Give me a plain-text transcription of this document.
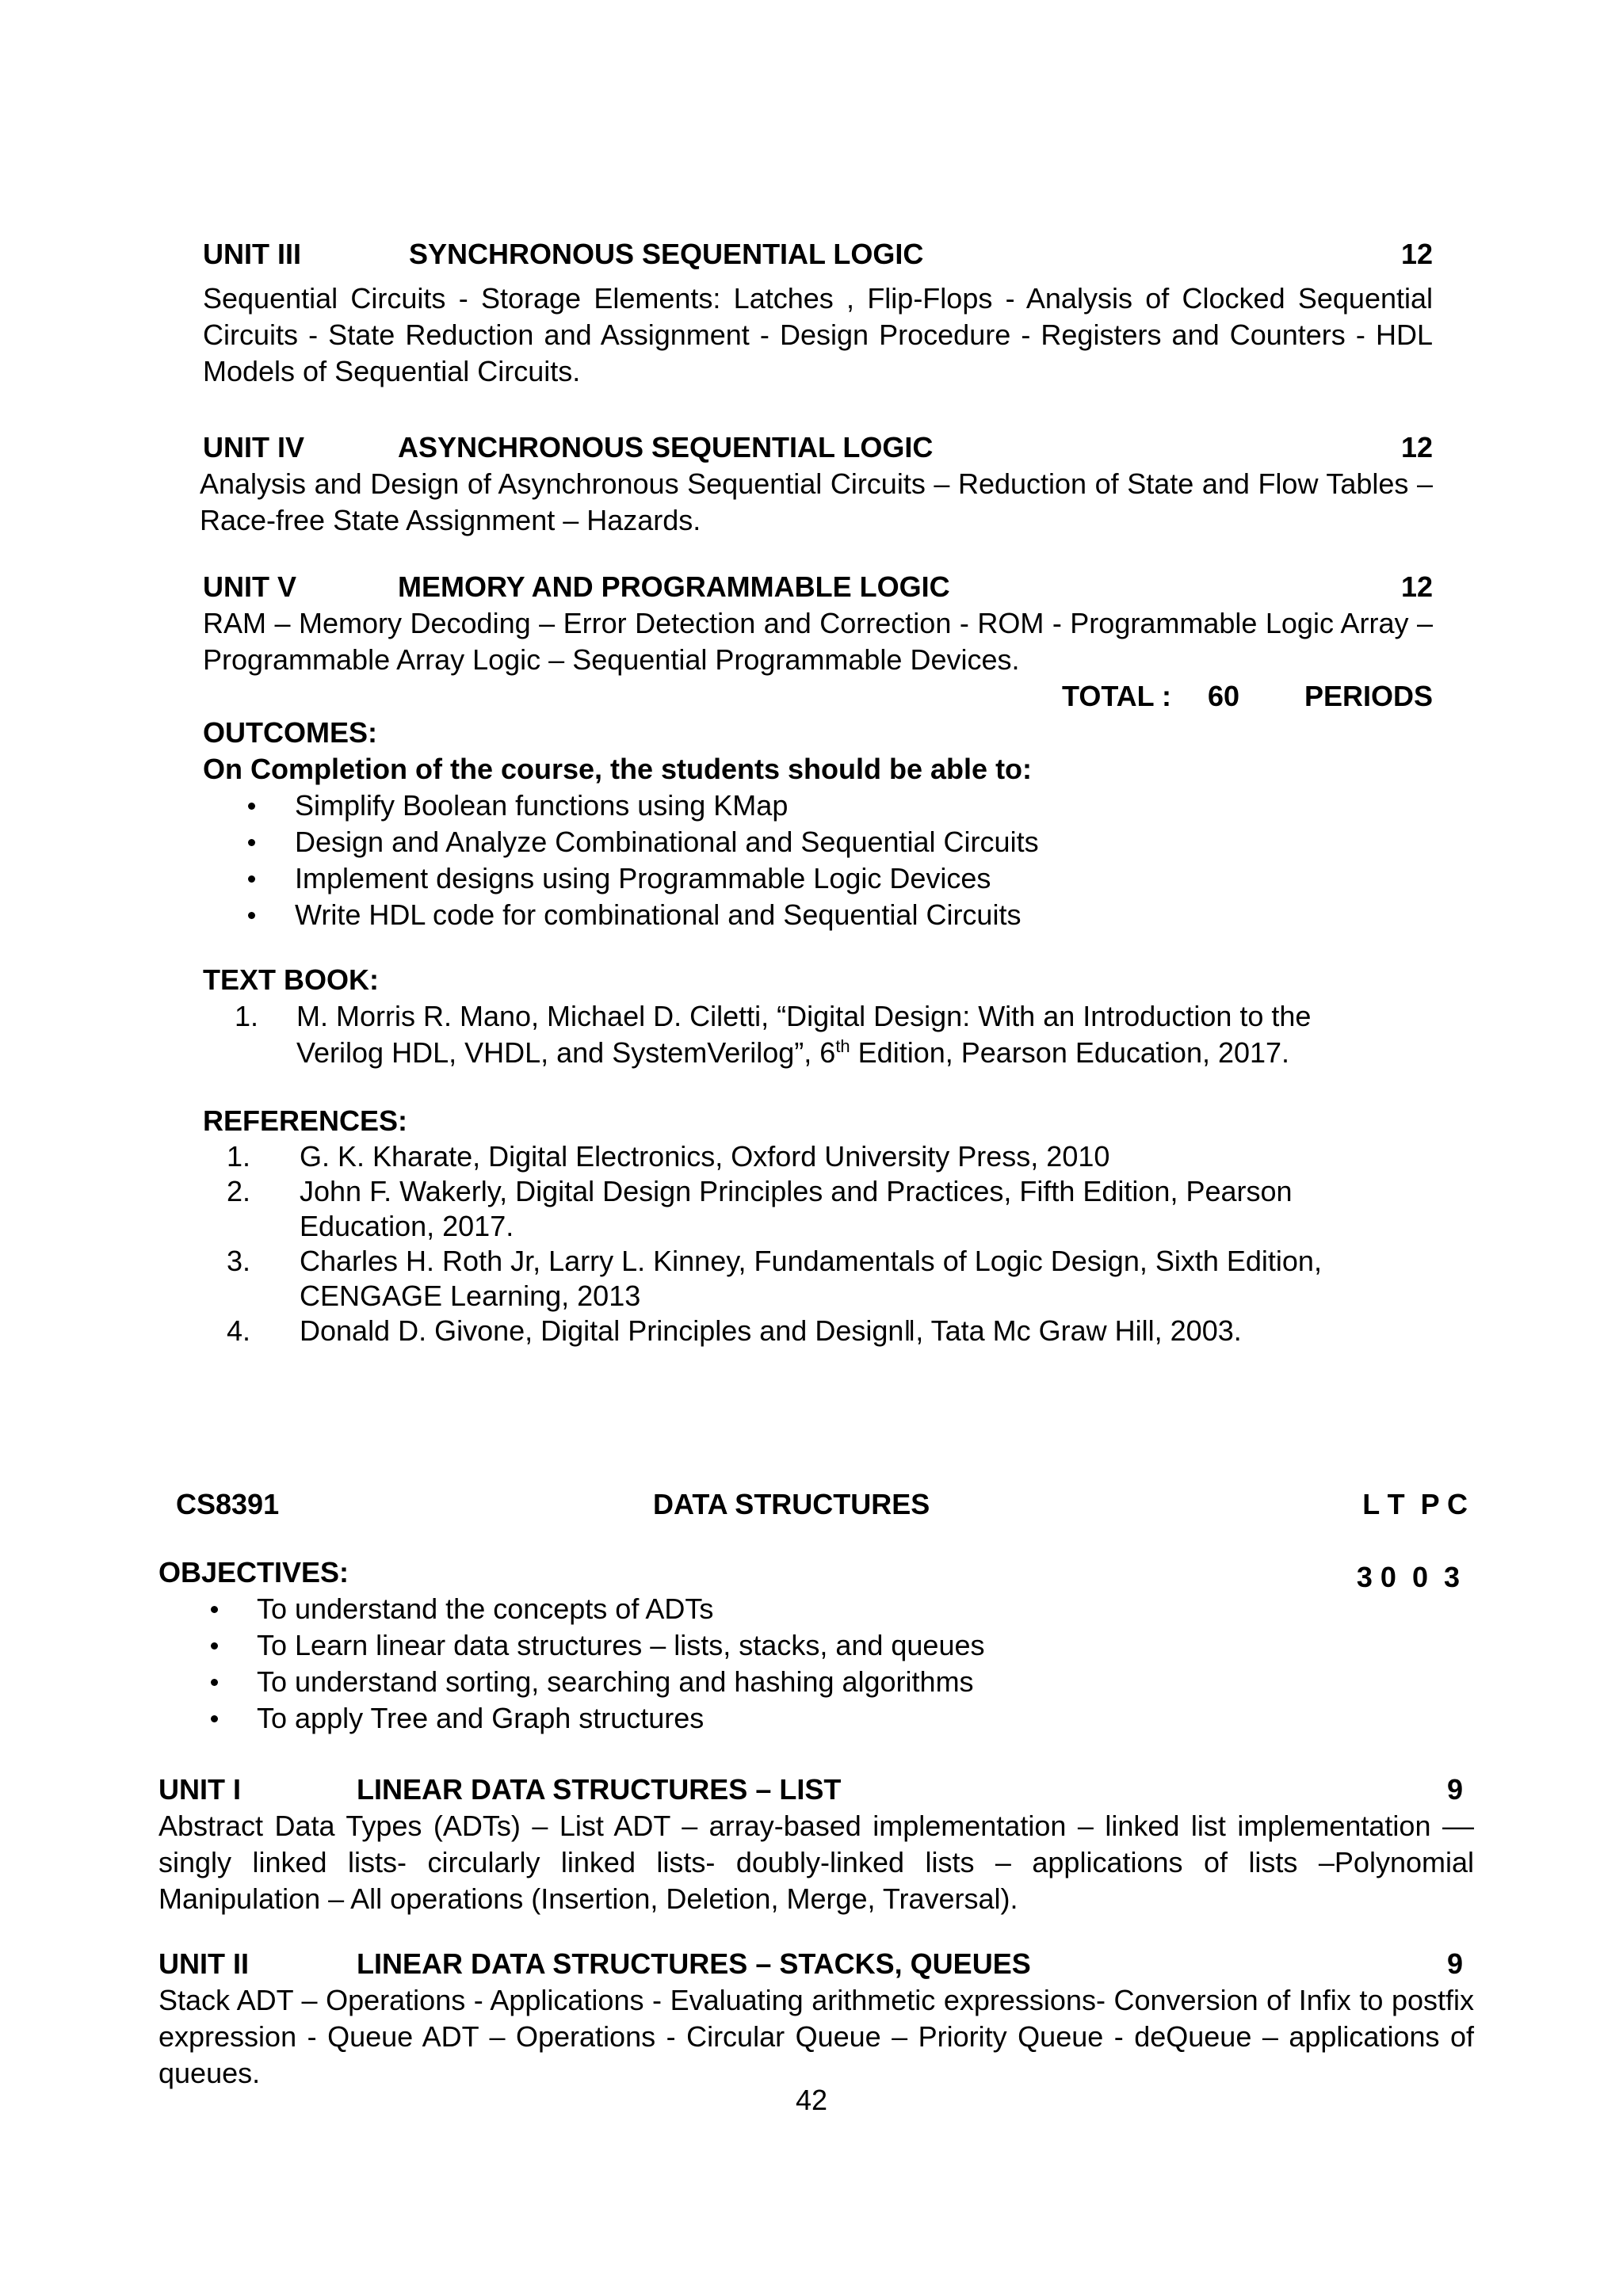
UNIT III	SYNCHRONOUS SEQUENTIAL LOGIC	12
Sequential Circuits - Storage Elements: Latches , Flip-Flops - Analysis of Clocked Sequential Circuits - State Reduction and Assignment - Design Procedure - Registers and Counters - HDL Models of Sequential Circuits.
UNIT IV	ASYNCHRONOUS SEQUENTIAL LOGIC	12
Analysis and Design of Asynchronous Sequential Circuits – Reduction of State and Flow Tables – Race-free State Assignment – Hazards.
UNIT V	MEMORY AND PROGRAMMABLE LOGIC	12
RAM – Memory Decoding – Error Detection and Correction - ROM - Programmable Logic Array – Programmable Array Logic – Sequential Programmable Devices.
TOTAL : 60 PERIODS
OUTCOMES:
On Completion of the course, the students should be able to:
Simplify Boolean functions using KMap
Design and Analyze Combinational and Sequential Circuits
Implement designs using Programmable Logic Devices
Write HDL code for combinational and Sequential Circuits
TEXT BOOK:
1. M. Morris R. Mano, Michael D. Ciletti, “Digital Design: With an Introduction to the
Verilog HDL, VHDL, and SystemVerilog”, 6th Edition, Pearson Education, 2017.
REFERENCES:
1. G. K. Kharate, Digital Electronics, Oxford University Press, 2010
2. John F. Wakerly, Digital Design Principles and Practices, Fifth Edition, Pearson
Education, 2017.
3. Charles H. Roth Jr, Larry L. Kinney, Fundamentals of Logic Design, Sixth Edition,
CENGAGE Learning, 2013
4. Donald D. Givone, Digital Principles and Design‖, Tata Mc Graw Hill, 2003.
CS8391	DATA STRUCTURES	L T  P C

3 0  0  3

OBJECTIVES:
To understand the concepts of ADTs
To Learn linear data structures – lists, stacks, and queues
To understand sorting, searching and hashing algorithms
To apply Tree and Graph structures
UNIT I	LINEAR DATA STRUCTURES – LIST	9
Abstract Data Types (ADTs) – List ADT – array-based implementation – linked list implementation ––singly linked lists- circularly linked lists- doubly-linked lists – applications of lists –Polynomial Manipulation – All operations (Insertion, Deletion, Merge, Traversal).
UNIT II	LINEAR DATA STRUCTURES – STACKS, QUEUES	9
Stack ADT – Operations - Applications - Evaluating arithmetic expressions- Conversion of Infix to postfix expression - Queue ADT – Operations - Circular Queue – Priority Queue - deQueue – applications of queues.
42
